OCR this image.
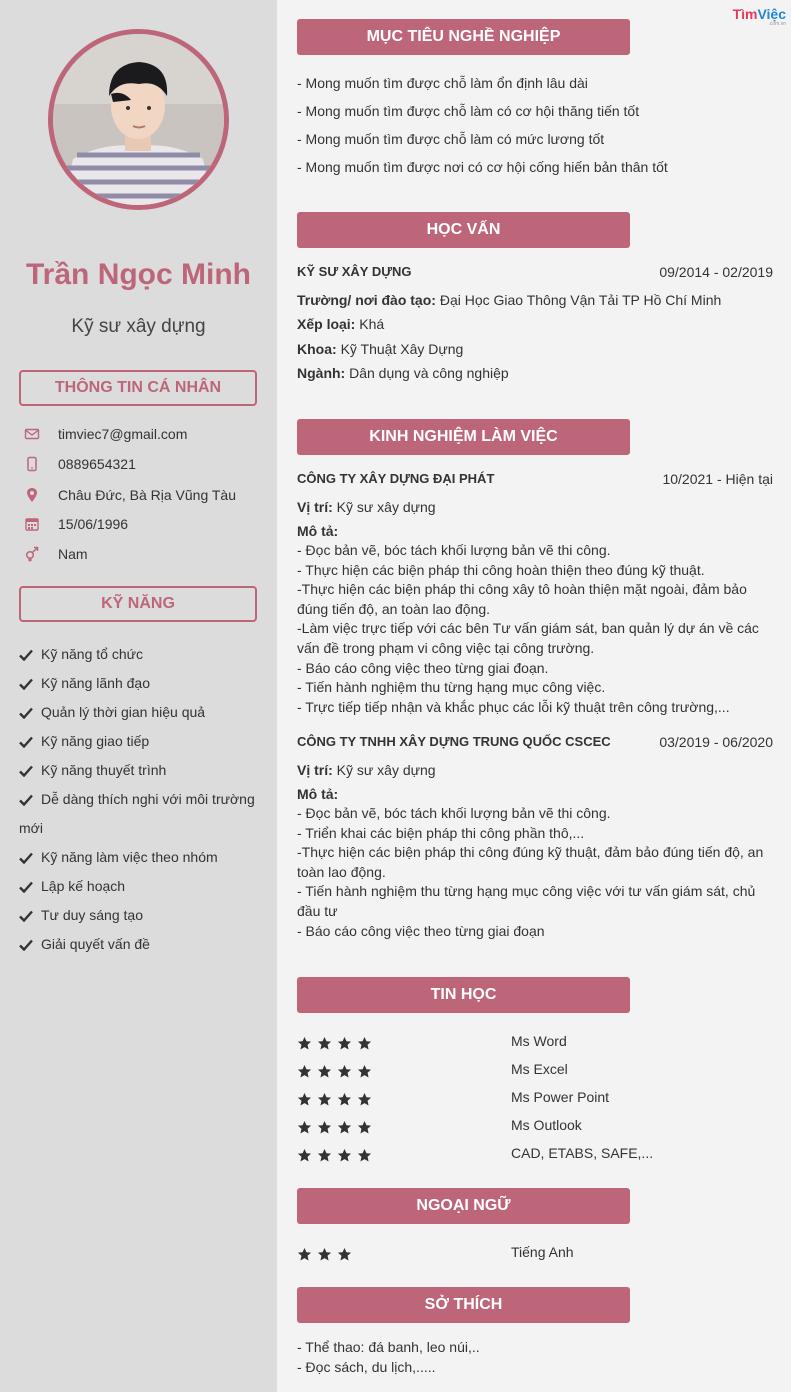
Trần Ngọc Minh
Kỹ sư xây dựng
THÔNG TIN CÁ NHÂN
timviec7@gmail.com
0889654321
Châu Đức, Bà Rịa Vũng Tàu
15/06/1996
Nam
KỸ NĂNG
Kỹ năng tổ chức
Kỹ năng lãnh đạo
Quản lý thời gian hiệu quả
Kỹ năng giao tiếp
Kỹ năng thuyết trình
Dễ dàng thích nghi với môi trường
mới
Kỹ năng làm việc theo nhóm
Lập kế hoạch
Tư duy sáng tạo
Giải quyết vấn đề
TìmViệc
.com.vn
MỤC TIÊU NGHỀ NGHIỆP
- Mong muốn tìm được chỗ làm ổn định lâu dài
- Mong muốn tìm được chỗ làm có cơ hội thăng tiến tốt
- Mong muốn tìm được chỗ làm có mức lương tốt
- Mong muốn tìm được nơi có cơ hội cống hiến bản thân tốt
HỌC VẤN
KỸ SƯ XÂY DỰNG	09/2014 - 02/2019
Trường/ nơi đào tạo: Đại Học Giao Thông Vận Tải TP Hồ Chí Minh
Xếp loại: Khá
Khoa: Kỹ Thuật Xây Dựng
Ngành: Dân dụng và công nghiệp
KINH NGHIỆM LÀM VIỆC
CÔNG TY XÂY DỰNG ĐẠI PHÁT	10/2021 - Hiện tại
Vị trí: Kỹ sư xây dựng
Mô tả:
- Đọc bản vẽ, bóc tách khối lượng bản vẽ thi công.
- Thực hiện các biện pháp thi công hoàn thiện theo đúng kỹ thuật.
-Thực hiện các biện pháp thi công xây tô hoàn thiện mặt ngoài, đảm bảo
đúng tiến độ, an toàn lao động.
-Làm việc trực tiếp với các bên Tư vấn giám sát, ban quản lý dự án về các
vấn đề trong phạm vi công việc tại công trường.
- Báo cáo công việc theo từng giai đoạn.
- Tiến hành nghiệm thu từng hạng mục công việc.
- Trực tiếp tiếp nhận và khắc phục các lỗi kỹ thuật trên công trường,...
CÔNG TY TNHH XÂY DỰNG TRUNG QUỐC CSCEC	03/2019 - 06/2020
Vị trí: Kỹ sư xây dựng
Mô tả:
- Đọc bản vẽ, bóc tách khối lượng bản vẽ thi công.
- Triển khai các biện pháp thi công phần thô,...
-Thực hiện các biện pháp thi công đúng kỹ thuật, đảm bảo đúng tiến độ, an
toàn lao động.
- Tiến hành nghiệm thu từng hạng mục công việc với tư vấn giám sát, chủ
đầu tư
- Báo cáo công việc theo từng giai đoạn
TIN HỌC
Ms Word
Ms Excel
Ms Power Point
Ms Outlook
CAD, ETABS, SAFE,...
NGOẠI NGỮ
Tiếng Anh
SỞ THÍCH
- Thể thao: đá banh, leo núi,..
- Đọc sách, du lịch,.....
